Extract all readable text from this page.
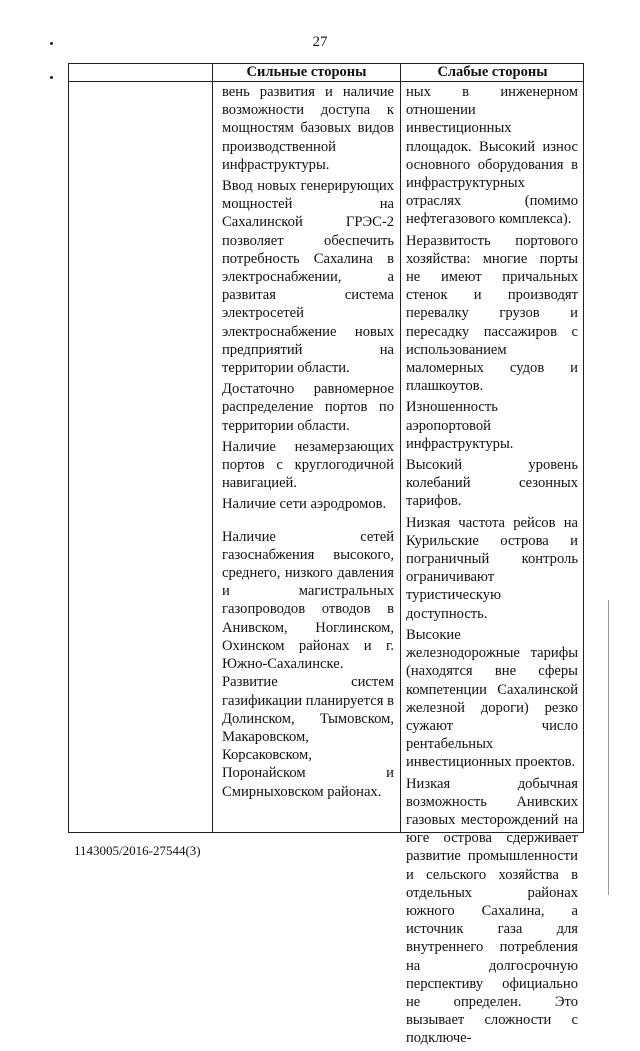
27
Сильные стороны	Слабые стороны

вень развития и наличие возможности доступа к мощностям базовых видов производственной инфраструктуры.

Ввод новых генерирующих мощностей на Сахалинской ГРЭС-2 позволяет обеспечить потребность Сахалина в электроснабжении, а развитая система электросетей электроснабжение новых предприятий на территории области.

Достаточно равномерное распределение портов по территории области.

Наличие незамерзающих портов с круглогодичной навигацией.

Наличие сети аэродромов.

Наличие сетей газоснабжения высокого, среднего, низкого давления и магистральных газопроводов отводов в Анивском, Ноглинском, Охинском районах и г. Южно-Сахалинске. Развитие систем газификации планируется в Долинском, Тымовском, Макаровском, Корсаковском, Поронайском и Смирныховском районах.

ных в инженерном отношении инвестиционных площадок. Высокий износ основного оборудования в инфраструктурных отраслях (помимо нефтегазового комплекса).

Неразвитость портового хозяйства: многие порты не имеют причальных стенок и производят перевалку грузов и пересадку пассажиров с использованием маломерных судов и плашкоутов.

Изношенность аэропортовой инфраструктуры.

Высокий уровень колебаний сезонных тарифов.

Низкая частота рейсов на Курильские острова и пограничный контроль ограничивают туристическую доступность.

Высокие железнодорожные тарифы (находятся вне сферы компетенции Сахалинской железной дороги) резко сужают число рентабельных инвестиционных проектов.

Низкая добычная возможность Анивских газовых месторождений на юге острова сдерживает развитие промышленности и сельского хозяйства в отдельных районах южного Сахалина, а источник газа для внутреннего потребления на долгосрочную перспективу официально не определен. Это вызывает сложности с подключе-

1143005/2016-27544(3)
